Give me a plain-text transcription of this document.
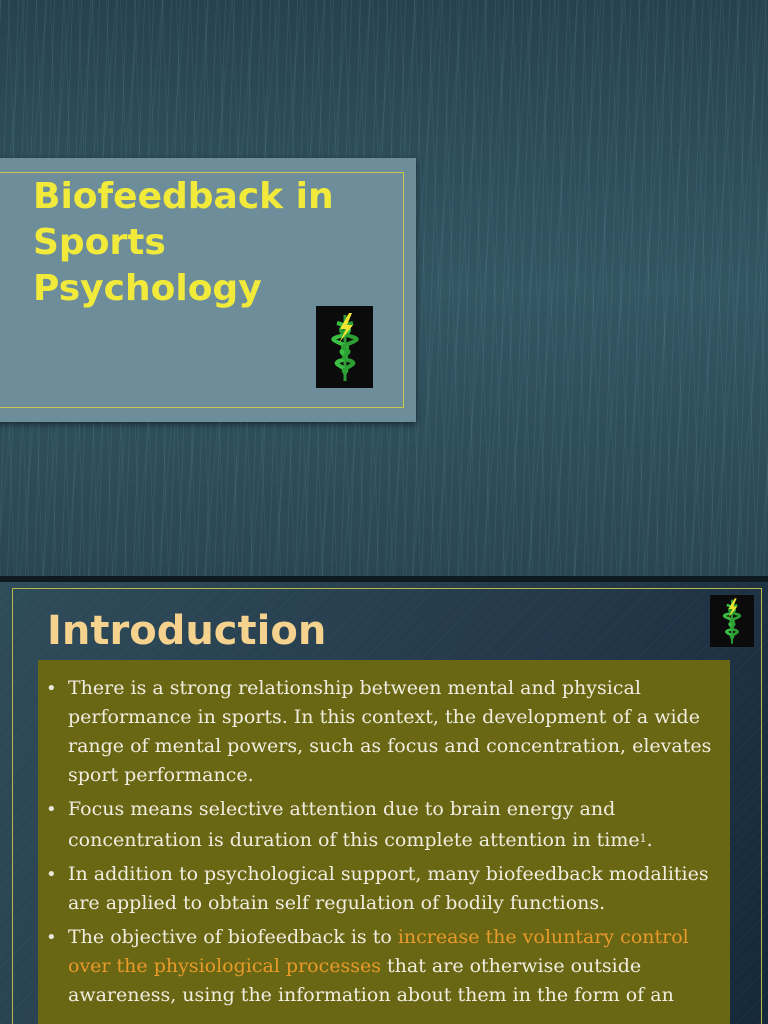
Biofeedback in
Sports
Psychology
Introduction
• There is a strong relationship between mental and physical performance in sports. In this context, the development of a wide range of mental powers, such as focus and concentration, elevates sport performance.
• Focus means selective attention due to brain energy and concentration is duration of this complete attention in time$^1$.
• In addition to psychological support, many biofeedback modalities are applied to obtain self regulation of bodily functions.
• The objective of biofeedback is to increase the voluntary control over the physiological processes that are otherwise outside awareness, using the information about them in the form of an
